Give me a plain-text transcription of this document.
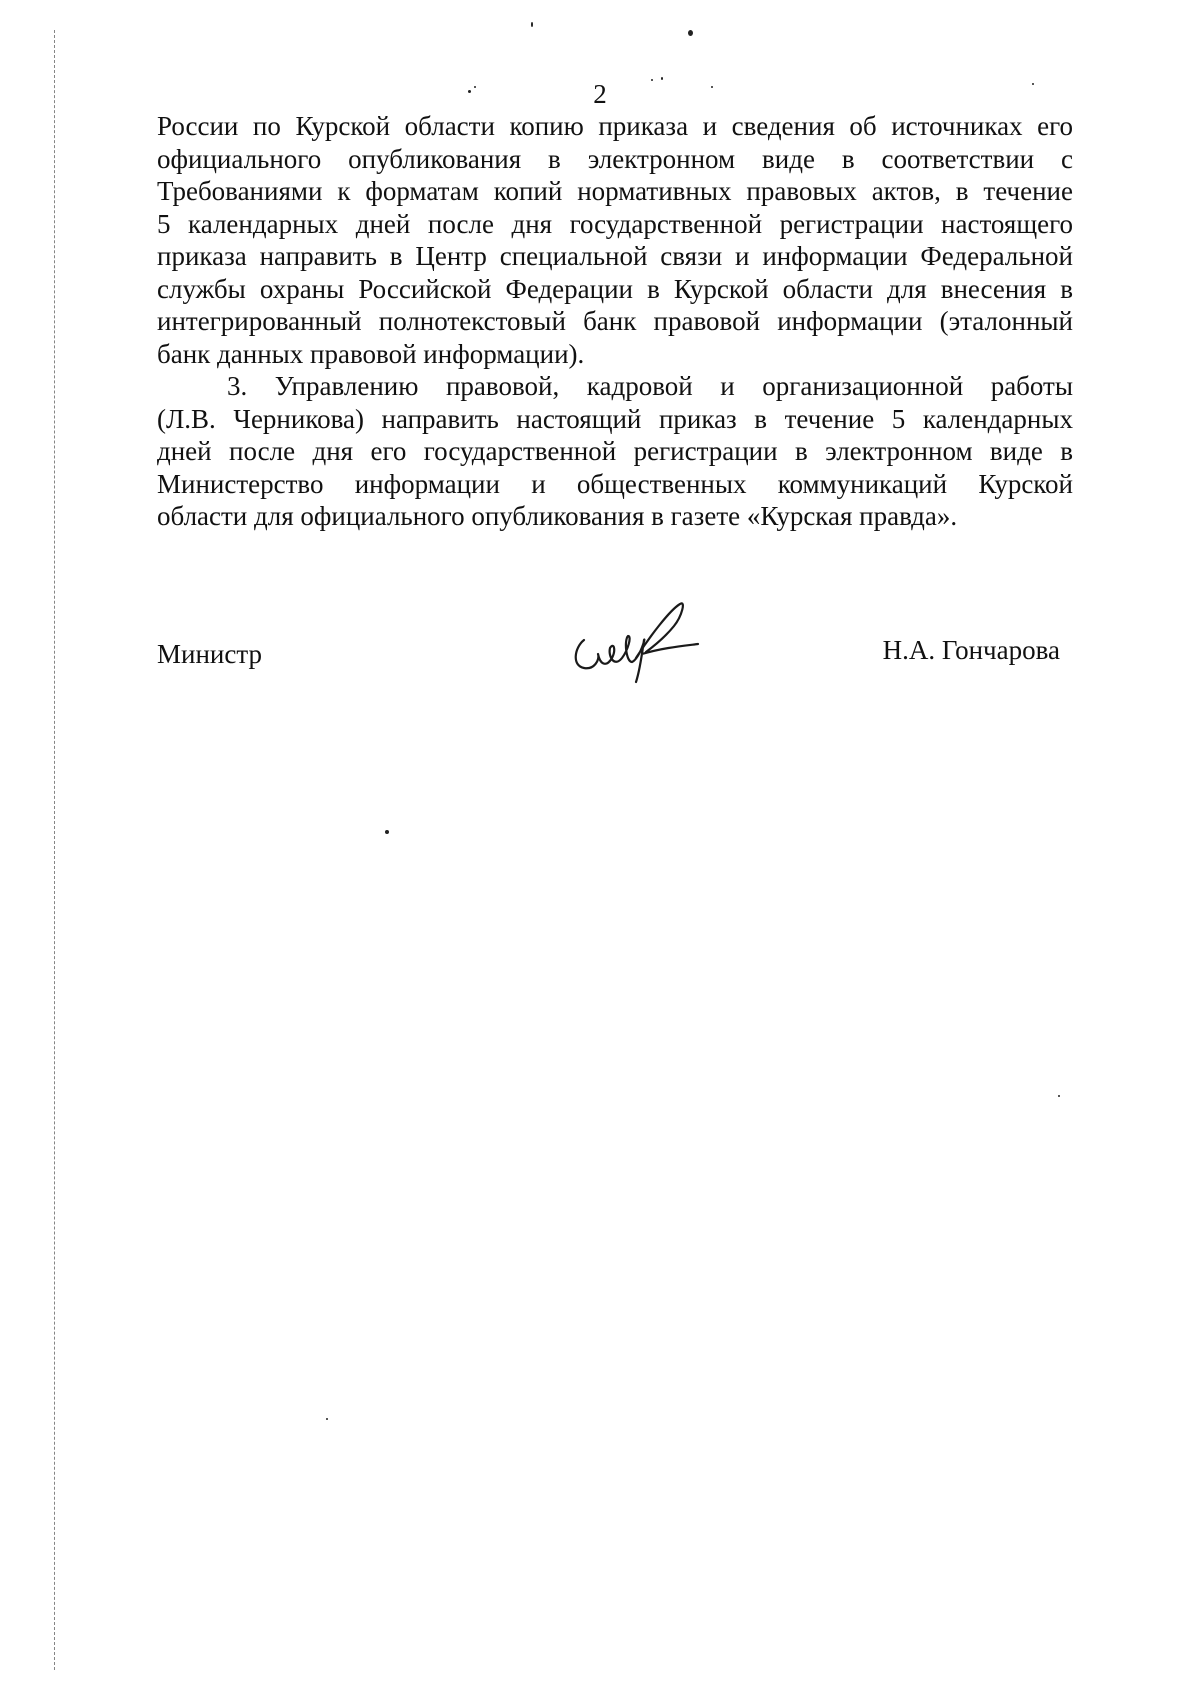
2

России по Курской области копию приказа и сведения об источниках его
официального опубликования в электронном виде в соответствии с
Требованиями к форматам копий нормативных правовых актов, в течение
5 календарных дней после дня государственной регистрации настоящего
приказа направить в Центр специальной связи и информации Федеральной
службы охраны Российской Федерации в Курской области для внесения в
интегрированный полнотекстовый банк правовой информации (эталонный
банк данных правовой информации).

3. Управлению правовой, кадровой и организационной работы
(Л.В. Черникова) направить настоящий приказ в течение 5 календарных
дней после дня его государственной регистрации в электронном виде в
Министерство информации и общественных коммуникаций Курской
области для официального опубликования в газете «Курская правда».

Министр	Н.А. Гончарова
